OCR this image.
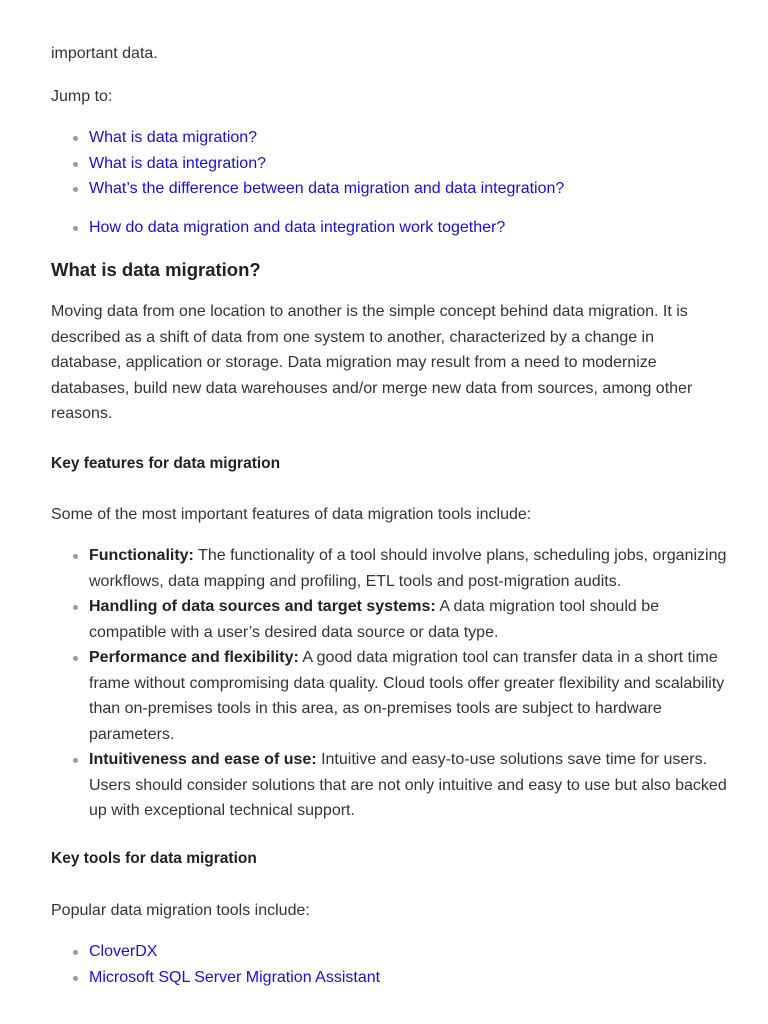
important data.

Jump to:

What is data migration?
What is data integration?
What’s the difference between data migration and data integration?
How do data migration and data integration work together?
What is data migration?

Moving data from one location to another is the simple concept behind data migration. It is described as a shift of data from one system to another, characterized by a change in database, application or storage. Data migration may result from a need to modernize databases, build new data warehouses and/or merge new data from sources, among other reasons.

Key features for data migration

Some of the most important features of data migration tools include:

Functionality: The functionality of a tool should involve plans, scheduling jobs, organizing workflows, data mapping and profiling, ETL tools and post-migration audits.
Handling of data sources and target systems: A data migration tool should be compatible with a user’s desired data source or data type.
Performance and flexibility: A good data migration tool can transfer data in a short time frame without compromising data quality. Cloud tools offer greater flexibility and scalability than on-premises tools in this area, as on-premises tools are subject to hardware parameters.
Intuitiveness and ease of use: Intuitive and easy-to-use solutions save time for users. Users should consider solutions that are not only intuitive and easy to use but also backed up with exceptional technical support.
Key tools for data migration

Popular data migration tools include:

CloverDX
Microsoft SQL Server Migration Assistant
